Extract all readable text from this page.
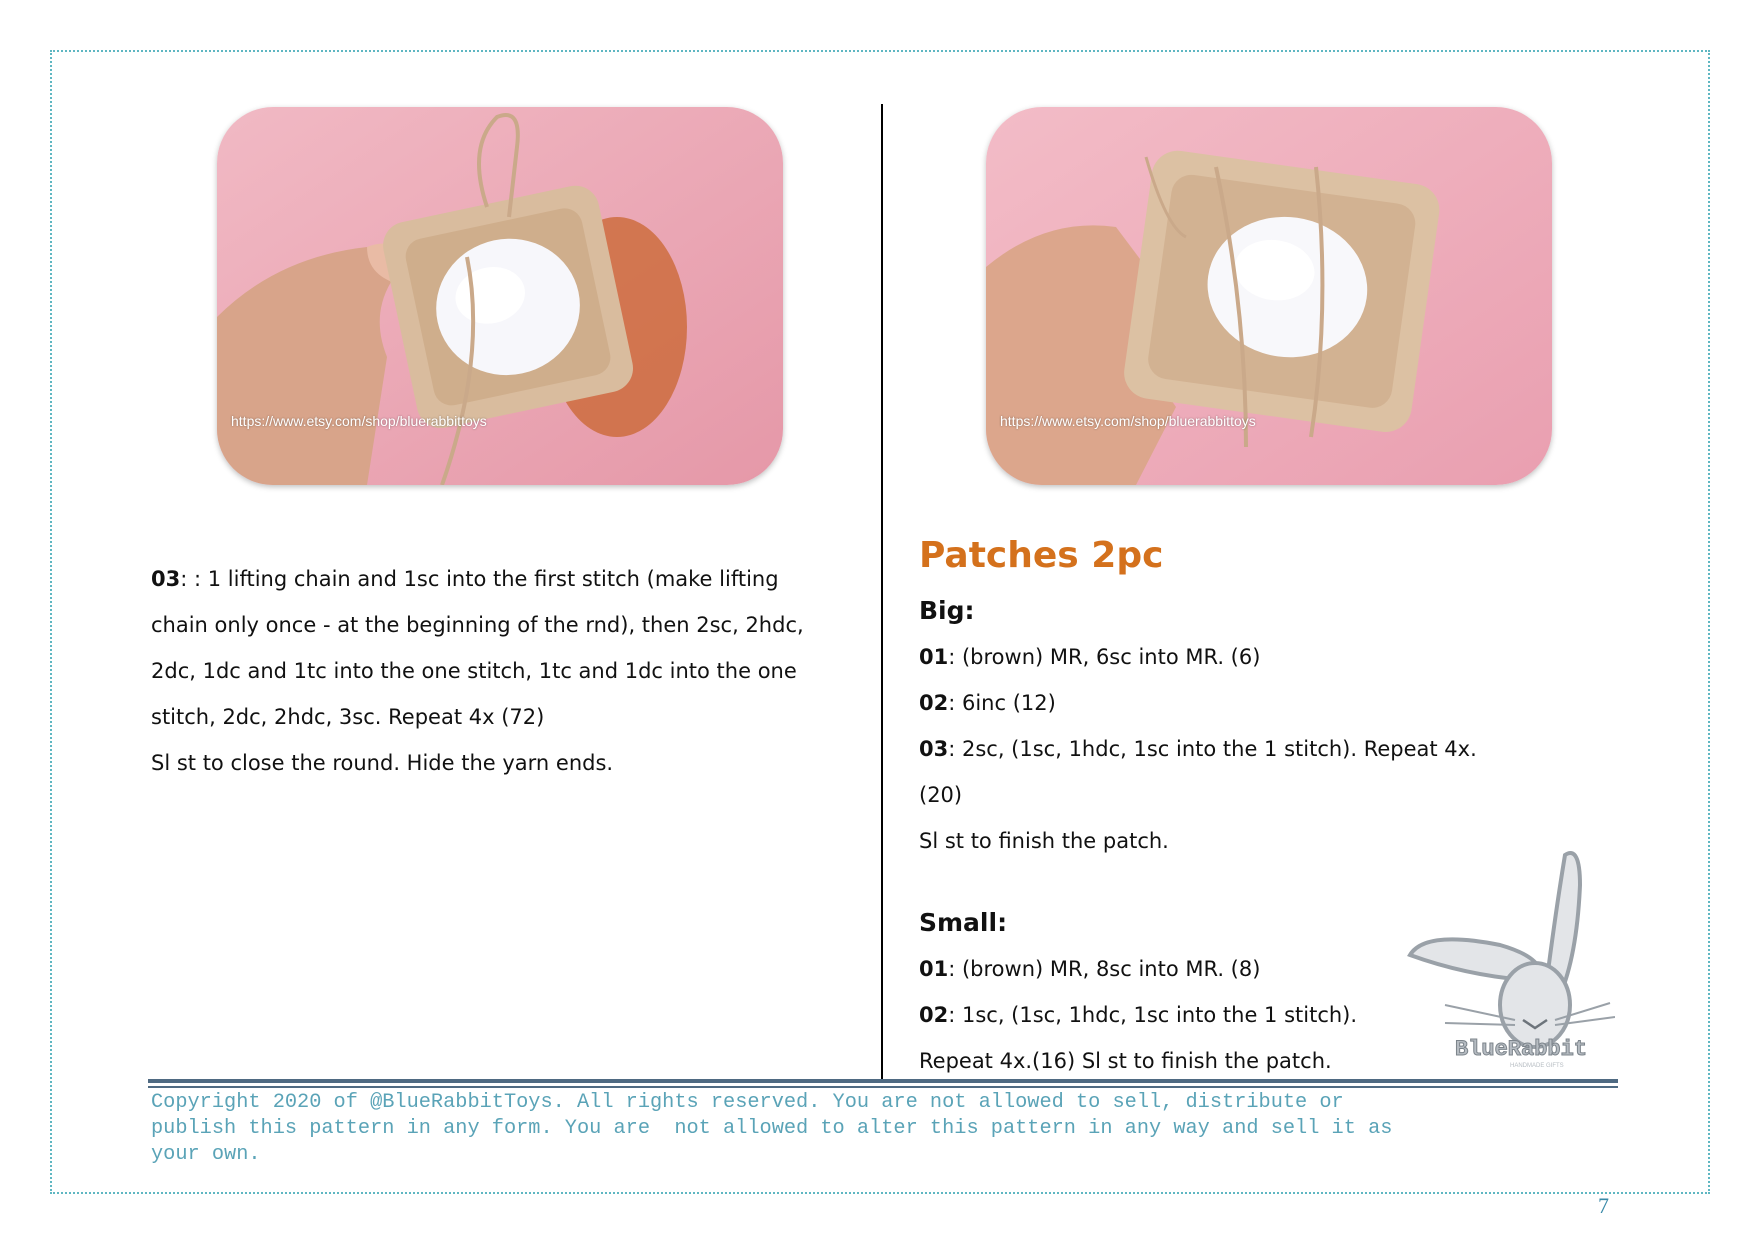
https://www.etsy.com/shop/bluerabbittoys	https://www.etsy.com/shop/bluerabbittoys

03: : 1 lifting chain and 1sc into the first stitch (make lifting chain only once - at the beginning of the rnd), then 2sc, 2hdc, 2dc, 1dc and 1tc into the one stitch, 1tc and 1dc into the one stitch, 2dc, 2hdc, 3sc. Repeat 4x (72)

Sl st to close the round. Hide the yarn ends.

Patches 2pc

Big:

01: (brown) MR, 6sc into MR. (6)

02: 6inc (12)

03: 2sc, (1sc, 1hdc, 1sc into the 1 stitch). Repeat 4x.(20)

Sl st to finish the patch.

Small:

01: (brown) MR, 8sc into MR. (8)

02: 1sc, (1sc, 1hdc, 1sc into the 1 stitch).

Repeat 4x.(16) Sl st to finish the patch.	BlueRabbit
HANDMADE GIFTS
Copyright 2020 of @BlueRabbitToys. All rights reserved. You are not allowed to sell, distribute or
publish this pattern in any form. You are  not allowed to alter this pattern in any way and sell it as
your own.
7
